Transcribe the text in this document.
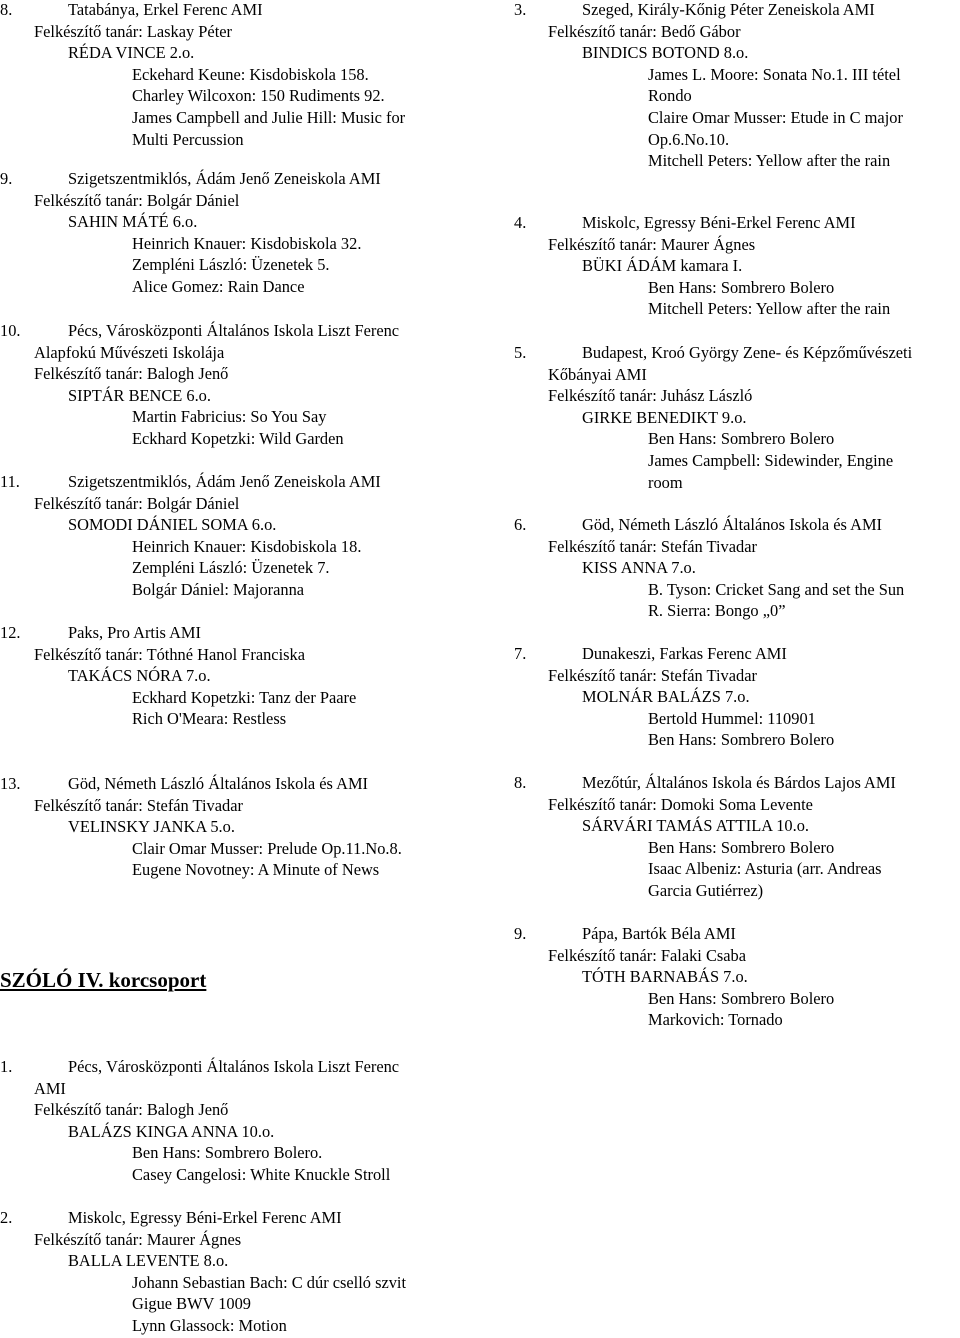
8.	Tatabánya, Erkel Ferenc AMI
Felkészítő tanár: Laskay Péter
RÉDA VINCE 2.o.
Eckehard Keune: Kisdobiskola 158.
Charley Wilcoxon: 150 Rudiments 92.
James Campbell and Julie Hill: Music for
Multi Percussion
9.	Szigetszentmiklós, Ádám Jenő Zeneiskola AMI
Felkészítő tanár: Bolgár Dániel
SAHIN MÁTÉ 6.o.
Heinrich Knauer: Kisdobiskola 32.
Zempléni László: Üzenetek 5.
Alice Gomez: Rain Dance
10.	Pécs, Városközponti Általános Iskola Liszt Ferenc
Alapfokú Művészeti Iskolája
Felkészítő tanár: Balogh Jenő
SIPTÁR BENCE 6.o.
Martin Fabricius: So You Say
Eckhard Kopetzki: Wild Garden
11.	Szigetszentmiklós, Ádám Jenő Zeneiskola AMI
Felkészítő tanár: Bolgár Dániel
SOMODI DÁNIEL SOMA 6.o.
Heinrich Knauer: Kisdobiskola 18.
Zempléni László: Üzenetek 7.
Bolgár Dániel: Majoranna
12.	Paks, Pro Artis AMI
Felkészítő tanár: Tóthné Hanol Franciska
TAKÁCS NÓRA 7.o.
Eckhard Kopetzki: Tanz der Paare
Rich O'Meara: Restless
13.	Göd, Németh László Általános Iskola és AMI
Felkészítő tanár: Stefán Tivadar
VELINSKY JANKA 5.o.
Clair Omar Musser: Prelude Op.11.No.8.
Eugene Novotney: A Minute of News
3.	Szeged, Király-Kőnig Péter Zeneiskola AMI
Felkészítő tanár: Bedő Gábor
BINDICS BOTOND 8.o.
James L. Moore: Sonata No.1. III tétel
Rondo
Claire Omar Musser: Etude in C major
Op.6.No.10.
Mitchell Peters: Yellow after the rain
4.	Miskolc, Egressy Béni-Erkel Ferenc AMI
Felkészítő tanár: Maurer Ágnes
BÜKI ÁDÁM kamara I.
Ben Hans: Sombrero Bolero
Mitchell Peters: Yellow after the rain
5.	Budapest, Kroó György Zene- és Képzőművészeti
Kőbányai AMI
Felkészítő tanár: Juhász László
GIRKE BENEDIKT 9.o.
Ben Hans: Sombrero Bolero
James Campbell: Sidewinder, Engine
room
6.	Göd, Németh László Általános Iskola és AMI
Felkészítő tanár: Stefán Tivadar
KISS ANNA 7.o.
B. Tyson: Cricket Sang and set the Sun
R. Sierra: Bongo „0”
7.	Dunakeszi, Farkas Ferenc AMI
Felkészítő tanár: Stefán Tivadar
MOLNÁR BALÁZS 7.o.
Bertold Hummel: 110901
Ben Hans: Sombrero Bolero
8.	Mezőtúr, Általános Iskola és Bárdos Lajos AMI
Felkészítő tanár: Domoki Soma Levente
SÁRVÁRI TAMÁS ATTILA 10.o.
Ben Hans: Sombrero Bolero
Isaac Albeniz: Asturia (arr. Andreas
Garcia Gutiérrez)
9.	Pápa, Bartók Béla AMI
Felkészítő tanár: Falaki Csaba
TÓTH BARNABÁS 7.o.
Ben Hans: Sombrero Bolero
Markovich: Tornado
SZÓLÓ IV. korcsoport
1.	Pécs, Városközponti Általános Iskola Liszt Ferenc
AMI
Felkészítő tanár: Balogh Jenő
BALÁZS KINGA ANNA 10.o.
Ben Hans: Sombrero Bolero.
Casey Cangelosi: White Knuckle Stroll
2.	Miskolc, Egressy Béni-Erkel Ferenc AMI
Felkészítő tanár: Maurer Ágnes
BALLA LEVENTE 8.o.
Johann Sebastian Bach: C dúr cselló szvit
Gigue BWV 1009
Lynn Glassock: Motion
